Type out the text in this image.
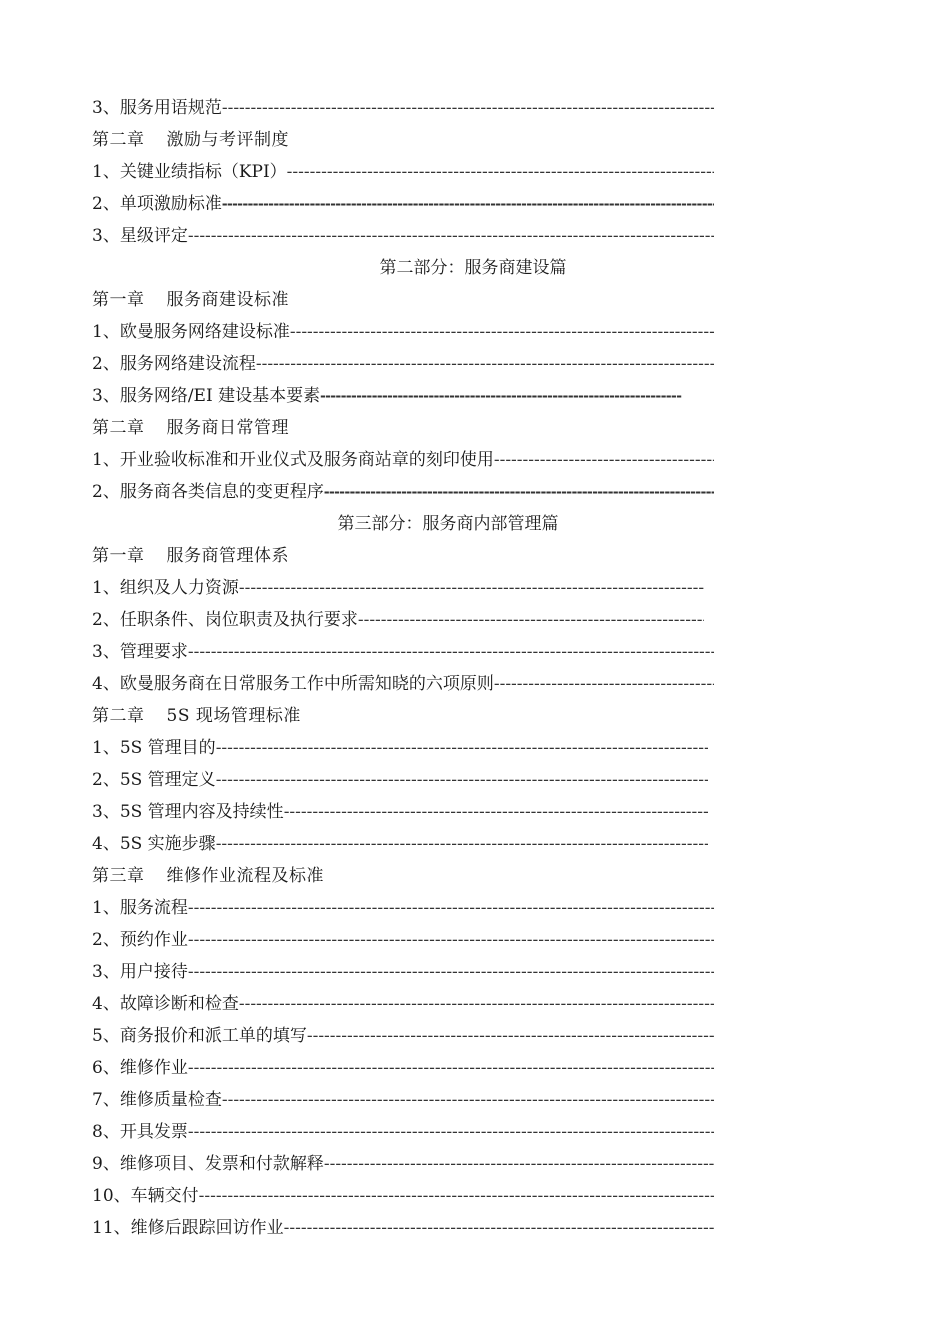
3、服务用语规范
-----
第二章 激励与考评制度
1、关键业绩指标（KPI）
-----
2、单项激励标准
-----
3、星级评定
-----
第二部分：服务商建设篇
第一章 服务商建设标准
1、欧曼服务网络建设标准
-----
2、服务网络建设流程
-----
3、服务网络/EI 建设基本要素
-----
第二章 服务商日常管理
1、开业验收标准和开业仪式及服务商站章的刻印使用
-----
2、服务商各类信息的变更程序
-----
第三部分：服务商内部管理篇
第一章 服务商管理体系
1、组织及人力资源
-----
2、任职条件、岗位职责及执行要求
-----
3、管理要求
-----
4、欧曼服务商在日常服务工作中所需知晓的六项原则
-----
第二章 5S 现场管理标准
1、5S 管理目的
-----
2、5S 管理定义
-----
3、5S 管理内容及持续性
-----
4、5S 实施步骤
-----
第三章 维修作业流程及标准
1、服务流程
-----
2、预约作业
-----
3、用户接待
-----
4、故障诊断和检查
-----
5、商务报价和派工单的填写
-----
6、维修作业
-----
7、维修质量检查
-----
8、开具发票
-----
9、维修项目、发票和付款解释
-----
10、车辆交付
-----
11、维修后跟踪回访作业
-----
